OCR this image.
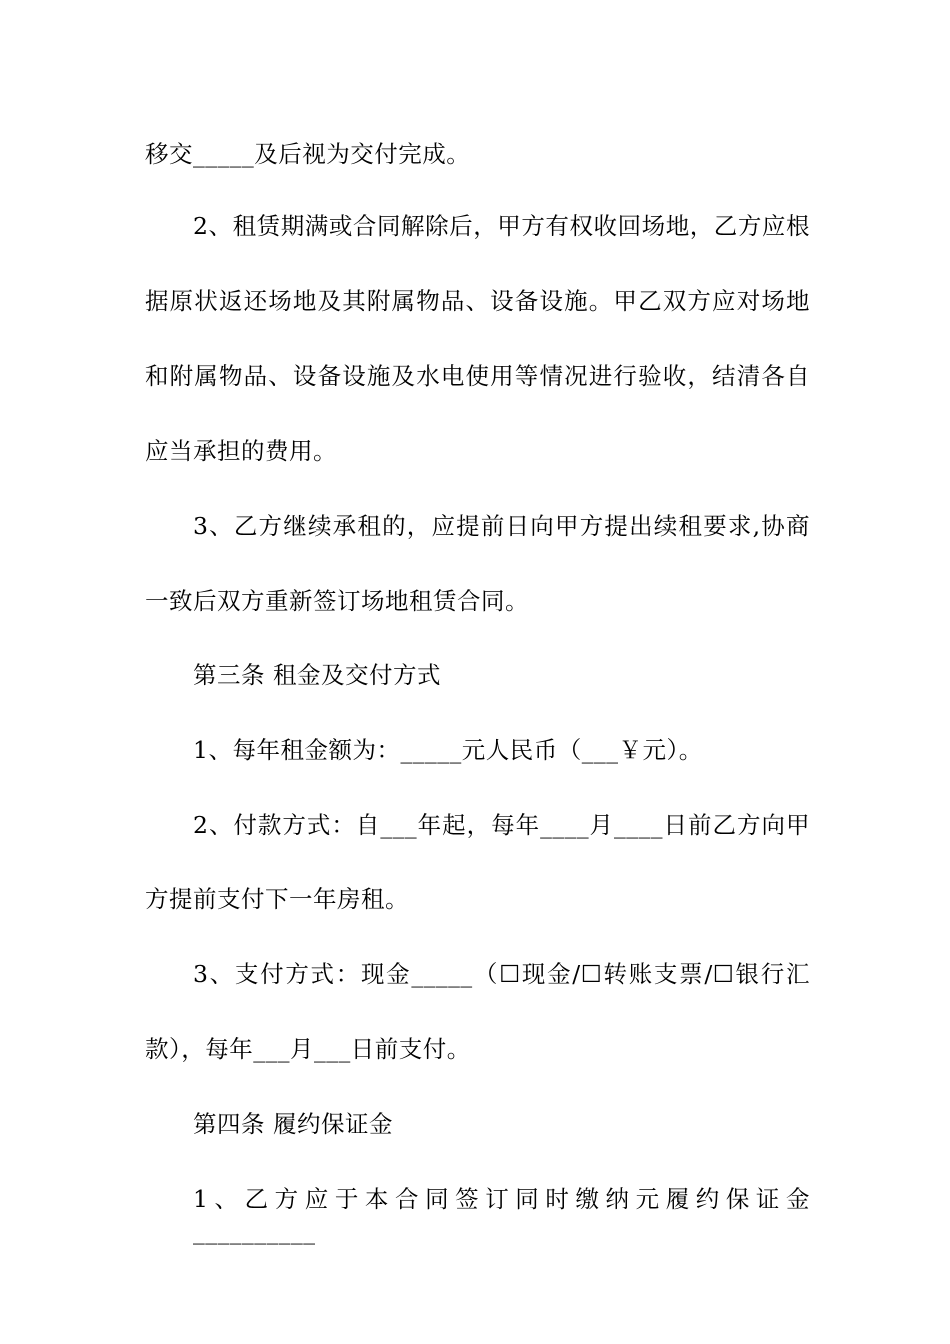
移交_____及后视为交付完成。
2、租赁期满或合同解除后，甲方有权收回场地，乙方应根
据原状返还场地及其附属物品、设备设施。甲乙双方应对场地
和附属物品、设备设施及水电使用等情况进行验收，结清各自
应当承担的费用。
3、乙方继续承租的，应提前日向甲方提出续租要求,协商
一致后双方重新签订场地租赁合同。
第三条 租金及交付方式
1、每年租金额为：_____元人民币（___￥元）。
2、付款方式：自___年起，每年____月____日前乙方向甲
方提前支付下一年房租。
3、支付方式：现金_____（☐现金/☐转账支票/☐银行汇
款），每年___月___日前支付。
第四条 履约保证金
1、乙方应于本合同签订同时缴纳元履约保证金__________
